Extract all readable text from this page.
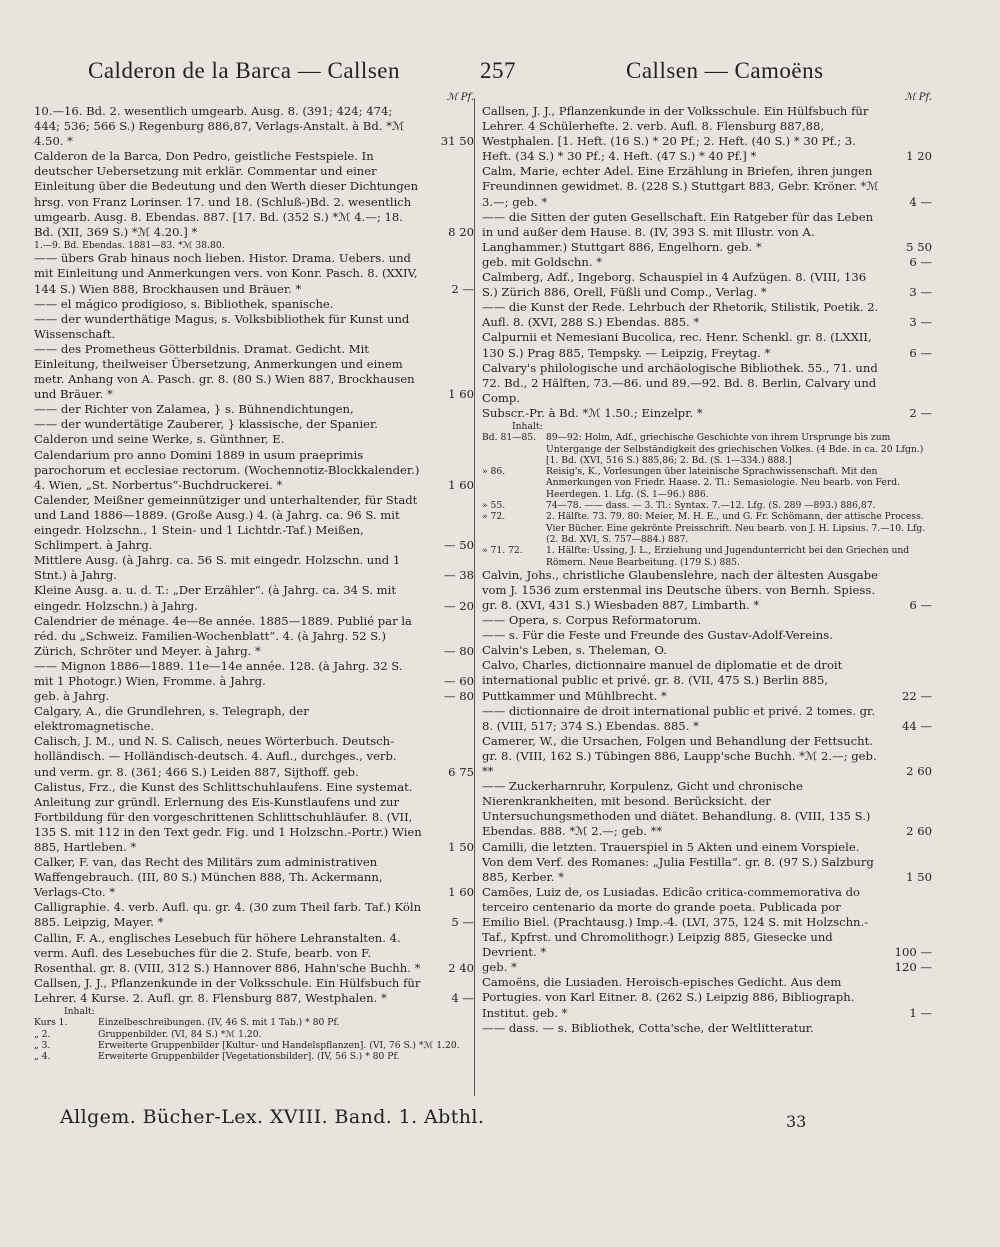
Calderon de la Barca — Callsen	257	Callsen — Camoëns
ℳ Pf.
10.—16. Bd. 2. wesentlich umgearb. Ausg. 8. (391; 424; 474; 444; 536; 566 S.) Regenburg 886,87, Verlags-Anstalt. à Bd. *ℳ 4.50. *	31 50
Calderon de la Barca, Don Pedro, geistliche Festspiele. In deutscher Uebersetzung mit erklär. Commentar und einer Einleitung über die Bedeutung und den Werth dieser Dichtungen hrsg. von Franz Lorinser. 17. und 18. (Schluß-)Bd. 2. wesentlich umgearb. Ausg. 8. Ebendas. 887. [17. Bd. (352 S.) *ℳ 4.—; 18. Bd. (XII, 369 S.) *ℳ 4.20.] *	8 20
1.—9. Bd. Ebendas. 1881—83. *ℳ 38.80.
—— übers Grab hinaus noch lieben. Histor. Drama. Uebers. und mit Einleitung und Anmerkungen vers. von Konr. Pasch. 8. (XXIV, 144 S.) Wien 888, Brockhausen und Bräuer. *	2 —
—— el mágico prodigioso, s. Bibliothek, spanische.
—— der wunderthätige Magus, s. Volksbibliothek für Kunst und Wissenschaft.
—— des Prometheus Götterbildnis. Dramat. Gedicht. Mit Einleitung, theilweiser Übersetzung, Anmerkungen und einem metr. Anhang von A. Pasch. gr. 8. (80 S.) Wien 887, Brockhausen und Bräuer. *	1 60
—— der Richter von Zalamea, } s. Bühnendichtungen,
—— der wundertätige Zauberer, } klassische, der Spanier.
Calderon und seine Werke, s. Günthner, E.
Calendarium pro anno Domini 1889 in usum praeprimis parochorum et ecclesiae rectorum. (Wochennotiz-Blockkalender.) 4. Wien, „St. Norbertus“-Buchdruckerei. *	1 60
Calender, Meißner gemeinnütziger und unterhaltender, für Stadt und Land 1886—1889. (Große Ausg.) 4. (à Jahrg. ca. 96 S. mit eingedr. Holzschn., 1 Stein- und 1 Lichtdr.-Taf.) Meißen, Schlimpert. à Jahrg.	— 50
Mittlere Ausg. (à Jahrg. ca. 56 S. mit eingedr. Holzschn. und 1 Stnt.) à Jahrg.	— 38
Kleine Ausg. a. u. d. T.: „Der Erzähler“. (à Jahrg. ca. 34 S. mit eingedr. Holzschn.) à Jahrg.	— 20
Calendrier de ménage. 4e—8e année. 1885—1889. Publié par la réd. du „Schweiz. Familien-Wochenblatt“. 4. (à Jahrg. 52 S.) Zürich, Schröter und Meyer. à Jahrg. *	— 80
—— Mignon 1886—1889. 11e—14e année. 128. (à Jahrg. 32 S. mit 1 Photogr.) Wien, Fromme. à Jahrg.	— 60
geb. à Jahrg.	— 80
Calgary, A., die Grundlehren, s. Telegraph, der elektromagnetische.
Calisch, J. M., und N. S. Calisch, neues Wörterbuch. Deutsch-holländisch. — Holländisch-deutsch. 4. Aufl., durchges., verb. und verm. gr. 8. (361; 466 S.) Leiden 887, Sijthoff. geb.	6 75
Calistus, Frz., die Kunst des Schlittschuhlaufens. Eine systemat. Anleitung zur gründl. Erlernung des Eis-Kunstlaufens und zur Fortbildung für den vorgeschrittenen Schlittschuhläufer. 8. (VII, 135 S. mit 112 in den Text gedr. Fig. und 1 Holzschn.-Portr.) Wien 885, Hartleben. *	1 50
Calker, F. van, das Recht des Militärs zum administrativen Waffengebrauch. (III, 80 S.) München 888, Th. Ackermann, Verlags-Cto. *	1 60
Calligraphie. 4. verb. Aufl. qu. gr. 4. (30 zum Theil farb. Taf.) Köln 885. Leipzig, Mayer. *	5 —
Callin, F. A., englisches Lesebuch für höhere Lehranstalten. 4. verm. Aufl. des Lesebuches für die 2. Stufe, bearb. von F. Rosenthal. gr. 8. (VIII, 312 S.) Hannover 886, Hahn'sche Buchh. *	2 40
Callsen, J. J., Pflanzenkunde in der Volksschule. Ein Hülfsbuch für Lehrer. 4 Kurse. 2. Aufl. gr. 8. Flensburg 887, Westphalen. *	4 —
Inhalt:
Kurs 1.	Einzelbeschreibungen. (IV, 46 S. mit 1 Tab.) * 80 Pf.
„ 2.	Gruppenbilder. (VI, 84 S.) *ℳ 1.20.
„ 3.	Erweiterte Gruppenbilder [Kultur- und Handelspflanzen]. (VI, 76 S.) *ℳ 1.20.
„ 4.	Erweiterte Gruppenbilder [Vegetationsbilder]. (IV, 56 S.) * 80 Pf.
ℳ Pf.
Callsen, J. J., Pflanzenkunde in der Volksschule. Ein Hülfsbuch für Lehrer. 4 Schülerhefte. 2. verb. Aufl. 8. Flensburg 887,88, Westphalen. [1. Heft. (16 S.) * 20 Pf.; 2. Heft. (40 S.) * 30 Pf.; 3. Heft. (34 S.) * 30 Pf.; 4. Heft. (47 S.) * 40 Pf.] *	1 20
Calm, Marie, echter Adel. Eine Erzählung in Briefen, ihren jungen Freundinnen gewidmet. 8. (228 S.) Stuttgart 883, Gebr. Kröner. *ℳ 3.—; geb. *	4 —
—— die Sitten der guten Gesellschaft. Ein Ratgeber für das Leben in und außer dem Hause. 8. (IV, 393 S. mit Illustr. von A. Langhammer.) Stuttgart 886, Engelhorn. geb. *	5 50
geb. mit Goldschn. *	6 —
Calmberg, Adf., Ingeborg. Schauspiel in 4 Aufzügen. 8. (VIII, 136 S.) Zürich 886, Orell, Füßli und Comp., Verlag. *	3 —
—— die Kunst der Rede. Lehrbuch der Rhetorik, Stilistik, Poetik. 2. Aufl. 8. (XVI, 288 S.) Ebendas. 885. *	3 —
Calpurnii et Nemesiani Bucolica, rec. Henr. Schenkl. gr. 8. (LXXII, 130 S.) Prag 885, Tempsky. — Leipzig, Freytag. *	6 —
Calvary's philologische und archäologische Bibliothek. 55., 71. und 72. Bd., 2 Hälften, 73.—86. und 89.—92. Bd. 8. Berlin, Calvary und Comp.
Subscr.-Pr. à Bd. *ℳ 1.50.; Einzelpr. *	2 —
Inhalt:
Bd. 81—85.	89—92: Holm, Adf., griechische Geschichte von ihrem Ursprunge bis zum Untergange der Selbständigkeit des griechischen Volkes. (4 Bde. in ca. 20 Lfgn.) [1. Bd. (XVI, 516 S.) 885,86; 2. Bd. (S. 1—334.) 888.]
» 86.	Reisig's, K., Vorlesungen über lateinische Sprachwissenschaft. Mit den Anmerkungen von Friedr. Haase. 2. Tl.: Semasiologie. Neu bearb. von Ferd. Heerdegen. 1. Lfg. (S. 1—96.) 886.
» 55.	74—78. —— dass. — 3. Tl.: Syntax. 7.—12. Lfg. (S. 289 —893.) 886,87.
» 72.	2. Hälfte. 73. 79. 80: Meier, M. H. E., und G. Fr. Schömann, der attische Process. Vier Bücher. Eine gekrönte Preisschrift. Neu bearb. von J. H. Lipsius. 7.—10. Lfg. (2. Bd. XVI, S. 757—884.) 887.
» 71. 72.	1. Hälfte: Ussing, J. L., Erziehung und Jugendunterricht bei den Griechen und Römern. Neue Bearbeitung. (179 S.) 885.
Calvin, Johs., christliche Glaubenslehre, nach der ältesten Ausgabe vom J. 1536 zum erstenmal ins Deutsche übers. von Bernh. Spiess. gr. 8. (XVI, 431 S.) Wiesbaden 887, Limbarth. *	6 —
—— Opera, s. Corpus Reformatorum.
—— s. Für die Feste und Freunde des Gustav-Adolf-Vereins.
Calvin's Leben, s. Theleman, O.
Calvo, Charles, dictionnaire manuel de diplomatie et de droit international public et privé. gr. 8. (VII, 475 S.) Berlin 885, Puttkammer und Mühlbrecht. *	22 —
—— dictionnaire de droit international public et privé. 2 tomes. gr. 8. (VIII, 517; 374 S.) Ebendas. 885. *	44 —
Camerer, W., die Ursachen, Folgen und Behandlung der Fettsucht. gr. 8. (VIII, 162 S.) Tübingen 886, Laupp'sche Buchh. *ℳ 2.—; geb. **	2 60
—— Zuckerharnruhr, Korpulenz, Gicht und chronische Nierenkrankheiten, mit besond. Berücksicht. der Untersuchungsmethoden und diätet. Behandlung. 8. (VIII, 135 S.) Ebendas. 888. *ℳ 2.—; geb. **	2 60
Camilli, die letzten. Trauerspiel in 5 Akten und einem Vorspiele. Von dem Verf. des Romanes: „Julia Festilla“. gr. 8. (97 S.) Salzburg 885, Kerber. *	1 50
Camões, Luiz de, os Lusiadas. Edicão critica-commemorativa do terceiro centenario da morte do grande poeta. Publicada por Emilio Biel. (Prachtausg.) Imp.-4. (LVI, 375, 124 S. mit Holzschn.-Taf., Kpfrst. und Chromolithogr.) Leipzig 885, Giesecke und Devrient. *	100 —
geb. *	120 —
Camoëns, die Lusiaden. Heroisch-episches Gedicht. Aus dem Portugies. von Karl Eitner. 8. (262 S.) Leipzig 886, Bibliograph. Institut. geb. *	1 —
—— dass. — s. Bibliothek, Cotta'sche, der Weltlitteratur.
Allgem. Bücher-Lex. XVIII. Band. 1. Abthl.	33
